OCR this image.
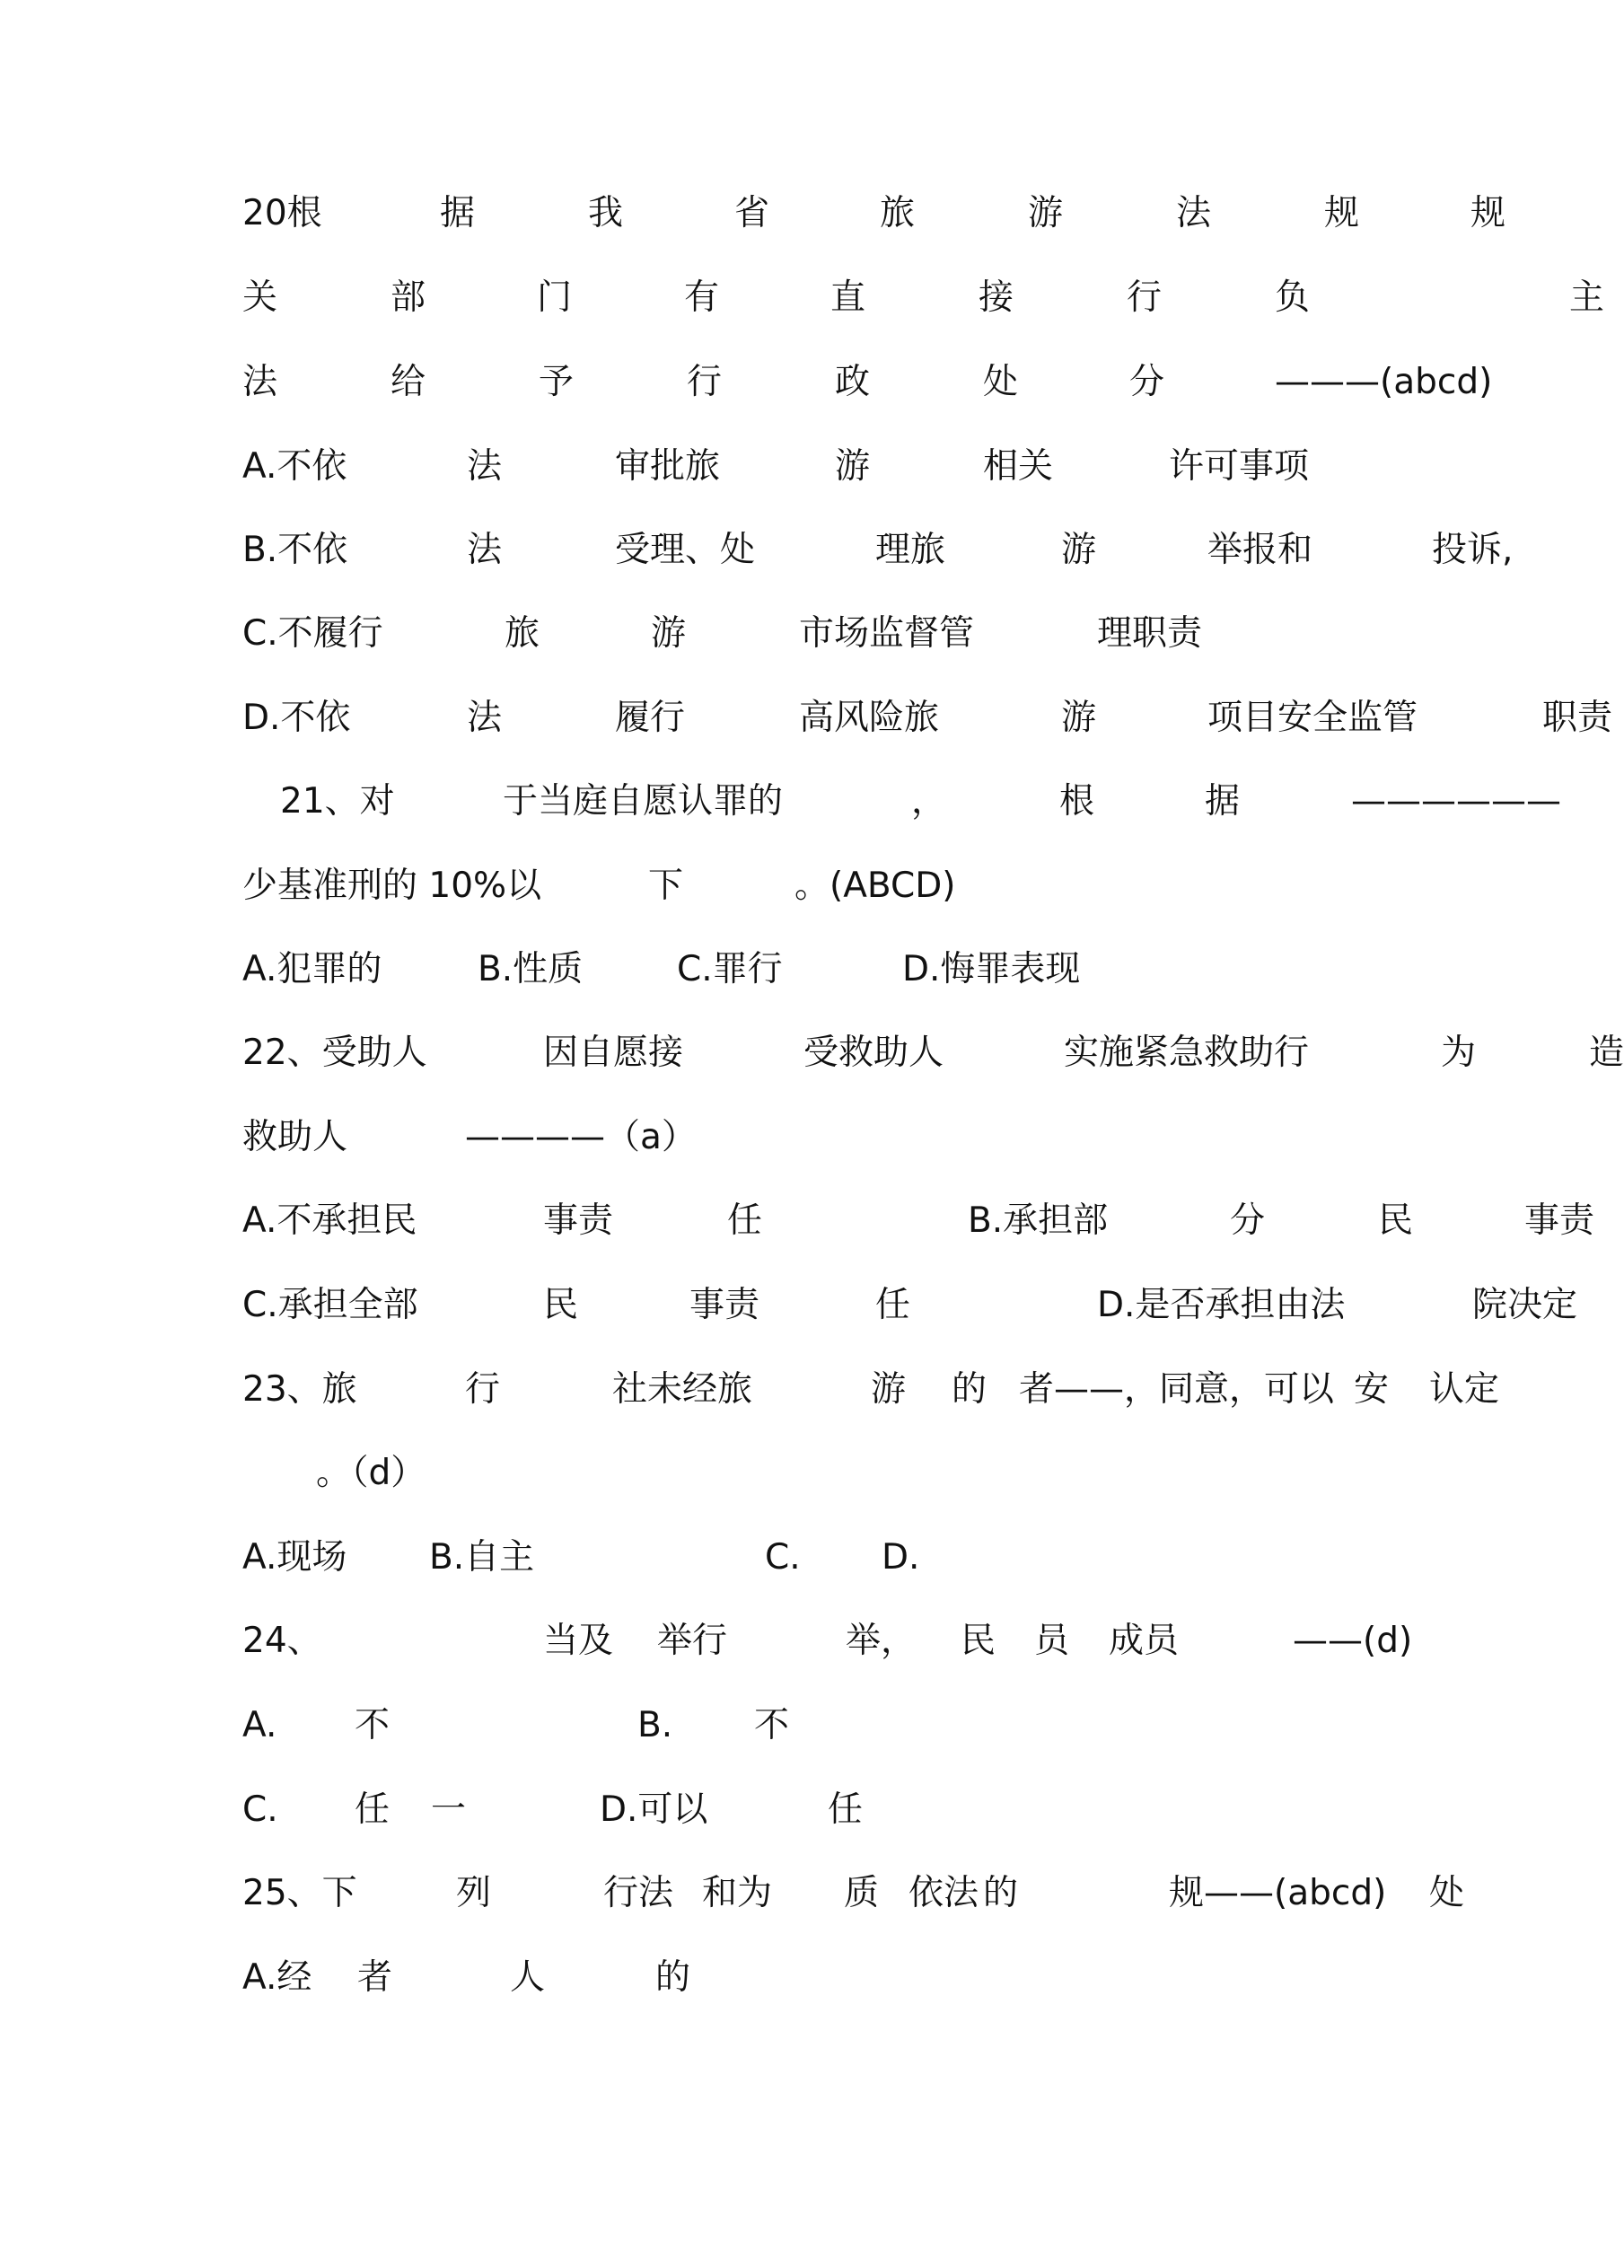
20根	据	我	省	旅	游	法	规	规
关	部	门	有	直	接	行	负	主
法	给	予	行	政	处	分	———(abcd)
A.不依	法	审批旅	游	相关	许可事项
B.不依	法	受理、处	理旅	游	举报和	投诉,
C.不履行	旅	游	市场监督管	理职责
D.不依	法	履行	高风险旅	游	项目安全监管	职责
21、对	于当庭自愿认罪的	，	根	据	——————
少基准刑的 10%以	下	。(ABCD)
A.犯罪的	B.性质	C.罪行	D.悔罪表现
22、受助人	因自愿接	受救助人	实施紧急救助行	为	造
救助人	————（a）
A.不承担民	事责	任	B.承担部	分	民	事责
C.承担全部	民	事责	任	D.是否承担由法	院决定
23、旅	行	社未经旅	游 的 者——，同意，可以 安 认定
。（d）
A.现场 B.自主	C. D.
24、	当及 举行	举， 民 员 成员	——(d)
A. 不	B. 不
C. 任 一	D.可以	任
25、下	列	行法 和为 质 依法 的	规——(abcd) 处
A.经 者	人	的
